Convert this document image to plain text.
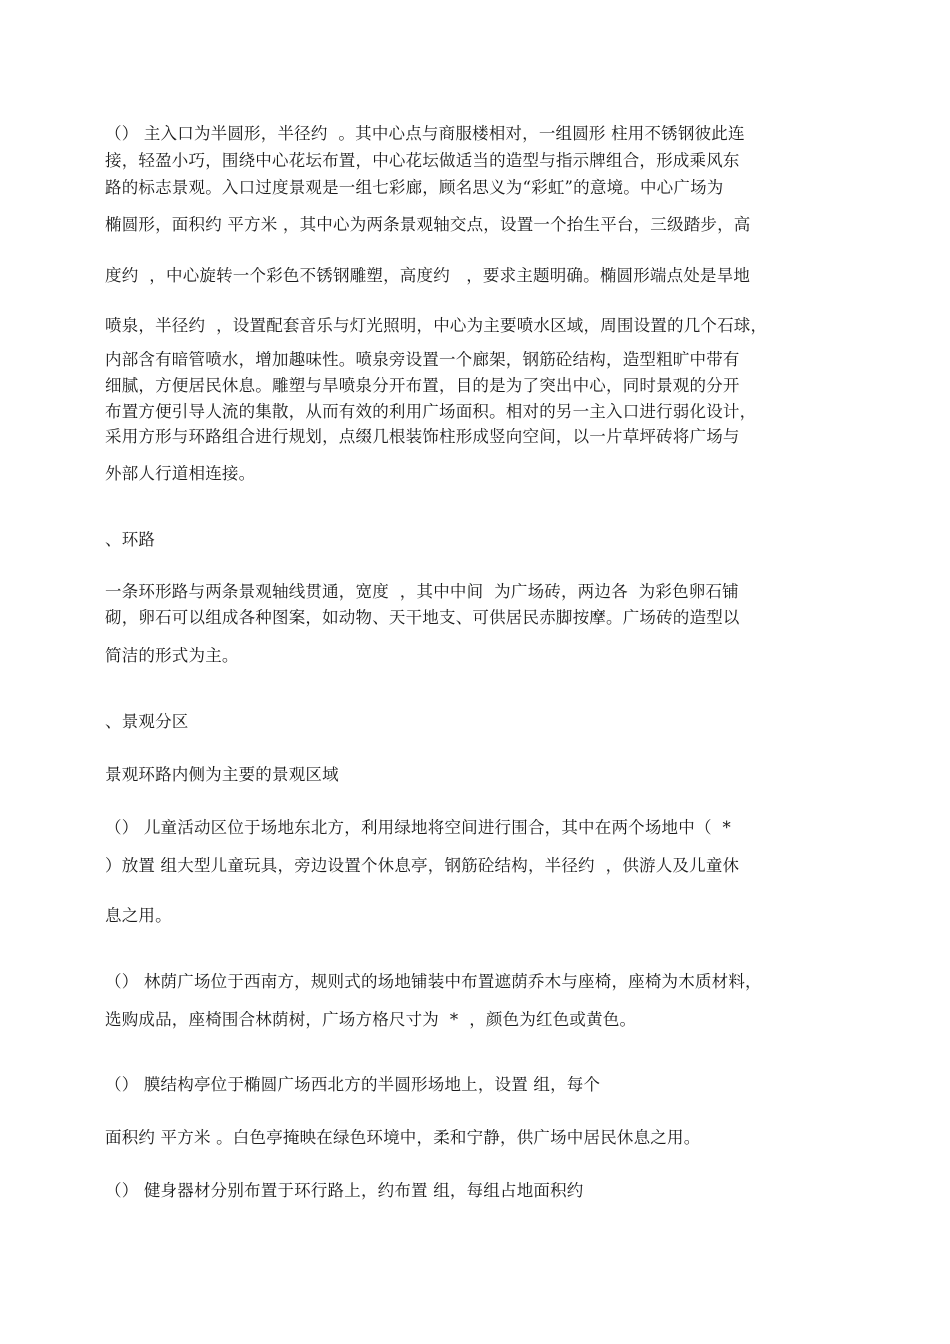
（） 主入口为半圆形，半径约  。其中心点与商服楼相对，一组圆形 柱用不锈钢彼此连

接，轻盈小巧，围绕中心花坛布置，中心花坛做适当的造型与指示牌组合，形成乘风东

路的标志景观。入口过度景观是一组七彩廊，顾名思义为“彩虹”的意境。中心广场为

椭圆形，面积约 平方米 ，其中心为两条景观轴交点，设置一个抬生平台，三级踏步，高

度约  ，中心旋转一个彩色不锈钢雕塑，高度约   ，要求主题明确。椭圆形端点处是旱地

喷泉，半径约  ，设置配套音乐与灯光照明，中心为主要喷水区域，周围设置的几个石球，

内部含有暗管喷水，增加趣味性。喷泉旁设置一个廊架，钢筋砼结构，造型粗旷中带有

细腻，方便居民休息。雕塑与旱喷泉分开布置，目的是为了突出中心，同时景观的分开

布置方便引导人流的集散，从而有效的利用广场面积。相对的另一主入口进行弱化设计，

采用方形与环路组合进行规划，点缀几根装饰柱形成竖向空间，以一片草坪砖将广场与

外部人行道相连接。

、环路

一条环形路与两条景观轴线贯通，宽度  ，其中中间  为广场砖，两边各  为彩色卵石铺

砌，卵石可以组成各种图案，如动物、天干地支、可供居民赤脚按摩。广场砖的造型以

简洁的形式为主。

、景观分区

景观环路内侧为主要的景观区域

（） 儿童活动区位于场地东北方，利用绿地将空间进行围合，其中在两个场地中（  *

）放置 组大型儿童玩具，旁边设置个休息亭，钢筋砼结构，半径约  ，供游人及儿童休

息之用。

（） 林荫广场位于西南方，规则式的场地铺装中布置遮荫乔木与座椅，座椅为木质材料，

选购成品，座椅围合林荫树，广场方格尺寸为  *  ，颜色为红色或黄色。

（） 膜结构亭位于椭圆广场西北方的半圆形场地上，设置 组，每个

面积约 平方米 。白色亭掩映在绿色环境中，柔和宁静，供广场中居民休息之用。

（） 健身器材分别布置于环行路上，约布置 组，每组占地面积约
